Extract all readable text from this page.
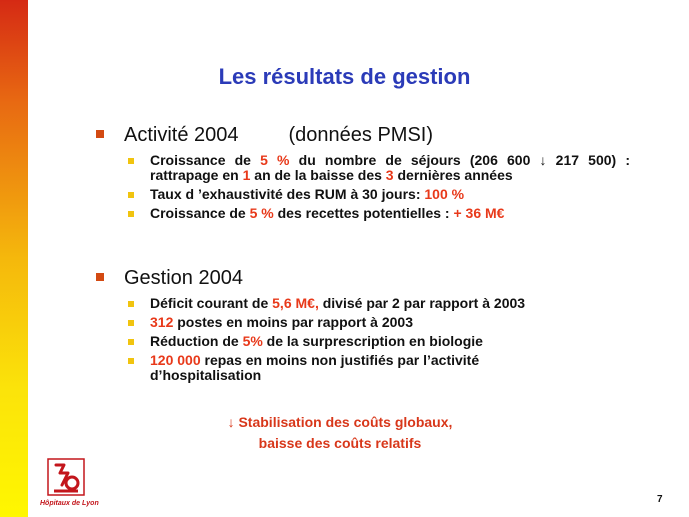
Les résultats de gestion
Activité 2004	(données PMSI)
Croissance de 5 % du nombre de séjours (206 600 ↓ 217 500) : rattrapage en 1 an de la baisse des 3 dernières années
Taux d ’exhaustivité des RUM à 30 jours: 100 %
Croissance de 5 % des recettes potentielles : + 36 M€
Gestion 2004
Déficit courant de 5,6 M€, divisé par 2 par rapport à 2003
312 postes en moins par rapport à 2003
Réduction de 5% de la surprescription en biologie
120 000 repas en moins non justifiés par l’activité d’hospitalisation
↓ Stabilisation des coûts globaux,
baisse des coûts relatifs
Hôpitaux de Lyon	7
